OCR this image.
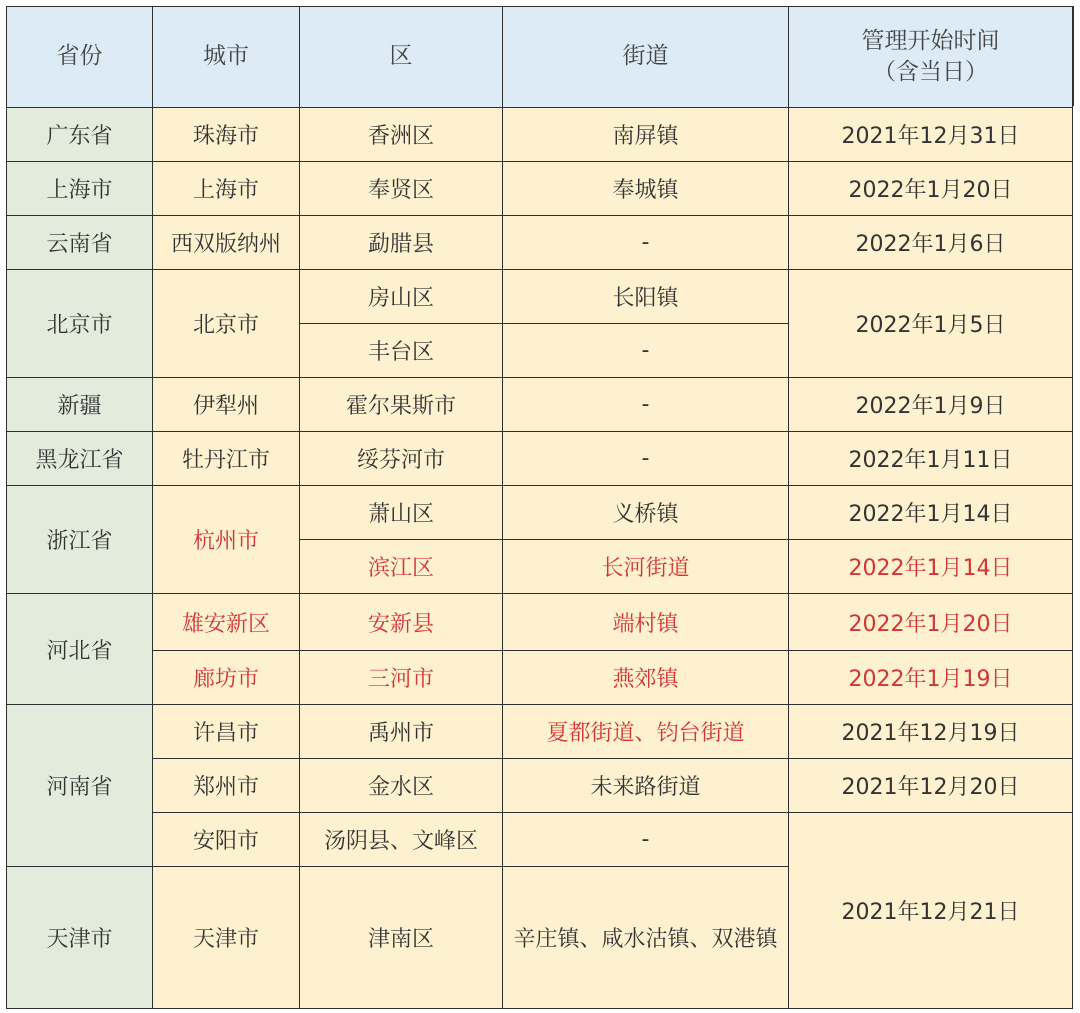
省份	城市	区	街道	管理开始时间
（含当日）

广东省	珠海市	香洲区	南屏镇	2021年12月31日
上海市	上海市	奉贤区	奉城镇	2022年1月20日
云南省	西双版纳州	勐腊县	-	2022年1月6日
北京市	北京市	房山区	长阳镇	2022年1月5日
		丰台区	-	
新疆	伊犁州	霍尔果斯市	-	2022年1月9日
黑龙江省	牡丹江市	绥芬河市	-	2022年1月11日
浙江省	杭州市	萧山区	义桥镇	2022年1月14日
		滨江区	长河街道	2022年1月14日
河北省	雄安新区	安新县	端村镇	2022年1月20日
	廊坊市	三河市	燕郊镇	2022年1月19日
河南省	许昌市	禹州市	夏都街道、钧台街道	2021年12月19日
	郑州市	金水区	未来路街道	2021年12月20日
	安阳市	汤阴县、文峰区	-	2021年12月21日
天津市	天津市	津南区	辛庄镇、咸水沽镇、双港镇	
